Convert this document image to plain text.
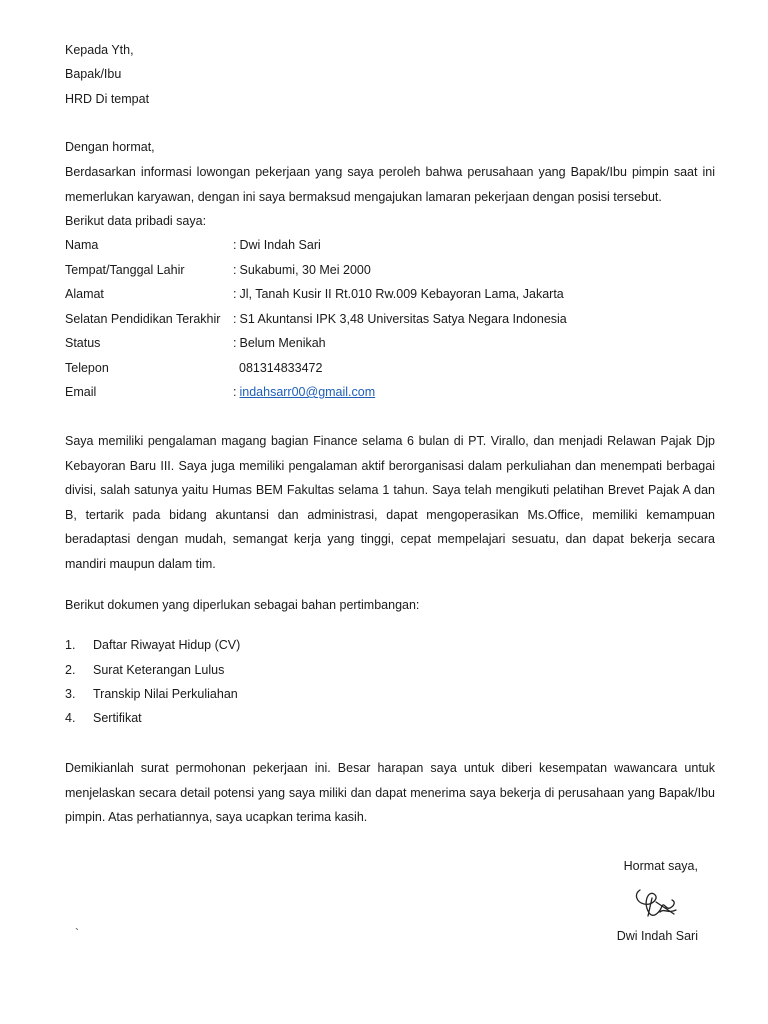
Kepada Yth,
Bapak/Ibu
HRD Di tempat
Dengan hormat,

Berdasarkan informasi lowongan pekerjaan yang saya peroleh bahwa perusahaan yang Bapak/Ibu pimpin saat ini memerlukan karyawan, dengan ini saya bermaksud mengajukan lamaran pekerjaan dengan posisi tersebut.

Berikut data pribadi saya:
Nama	: Dwi Indah Sari
Tempat/Tanggal Lahir	: Sukabumi, 30 Mei 2000
Alamat	: Jl, Tanah Kusir II Rt.010 Rw.009 Kebayoran Lama, Jakarta
Selatan Pendidikan Terakhir : S1 Akuntansi IPK 3,48 Universitas Satya Negara Indonesia
Status	: Belum Menikah
Telepon	081314833472
Email	: indahsarr00@gmail.com

Saya memiliki pengalaman magang bagian Finance selama 6 bulan di PT. Virallo, dan menjadi Relawan Pajak Djp Kebayoran Baru III. Saya juga memiliki pengalaman aktif berorganisasi dalam perkuliahan dan menempati berbagai divisi, salah satunya yaitu Humas BEM Fakultas selama 1 tahun. Saya telah mengikuti pelatihan Brevet Pajak A dan B, tertarik pada bidang akuntansi dan administrasi, dapat mengoperasikan Ms.Office, memiliki kemampuan beradaptasi dengan mudah, semangat kerja yang tinggi, cepat mempelajari sesuatu, dan dapat bekerja secara mandiri maupun dalam tim.

Berikut dokumen yang diperlukan sebagai bahan pertimbangan:
1. Daftar Riwayat Hidup (CV)
2. Surat Keterangan Lulus
3. Transkip Nilai Perkuliahan
4. Sertifikat

Demikianlah surat permohonan pekerjaan ini. Besar harapan saya untuk diberi kesempatan wawancara untuk menjelaskan secara detail potensi yang saya miliki dan dapat menerima saya bekerja di perusahaan yang Bapak/Ibu pimpin. Atas perhatiannya, saya ucapkan terima kasih.

Hormat saya,
`	Dwi Indah Sari
